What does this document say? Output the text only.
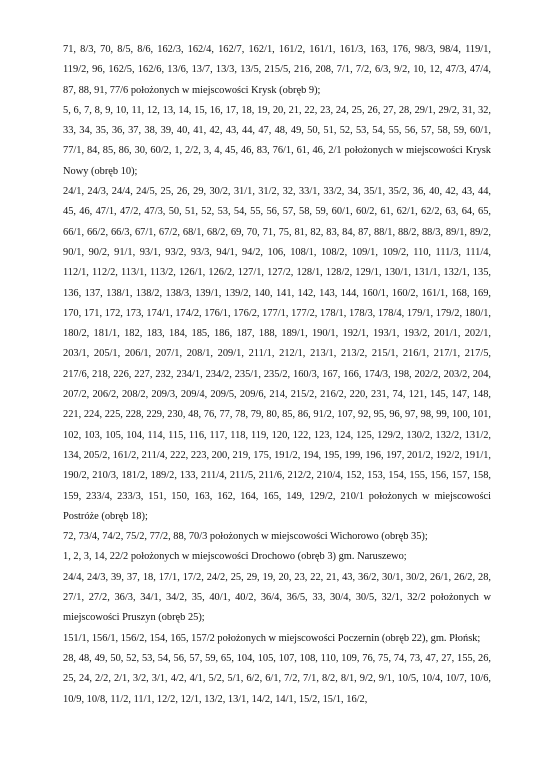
71, 8/3, 70, 8/5, 8/6, 162/3, 162/4, 162/7, 162/1, 161/2, 161/1, 161/3, 163, 176, 98/3, 98/4, 119/1, 119/2, 96, 162/5, 162/6, 13/6, 13/7, 13/3, 13/5, 215/5, 216, 208, 7/1, 7/2, 6/3, 9/2, 10, 12, 47/3, 47/4, 87, 88, 91, 77/6 położonych w miejscowości Krysk (obręb 9);

5, 6, 7, 8, 9, 10, 11, 12, 13, 14, 15, 16, 17, 18, 19, 20, 21, 22, 23, 24, 25, 26, 27, 28, 29/1, 29/2, 31, 32, 33, 34, 35, 36, 37, 38, 39, 40, 41, 42, 43, 44, 47, 48, 49, 50, 51, 52, 53, 54, 55, 56, 57, 58, 59, 60/1, 77/1, 84, 85, 86, 30, 60/2, 1, 2/2, 3, 4, 45, 46, 83, 76/1, 61, 46, 2/1 położonych w miejscowości Krysk Nowy (obręb 10);

24/1, 24/3, 24/4, 24/5, 25, 26, 29, 30/2, 31/1, 31/2, 32, 33/1, 33/2, 34, 35/1, 35/2, 36, 40, 42, 43, 44, 45, 46, 47/1, 47/2, 47/3, 50, 51, 52, 53, 54, 55, 56, 57, 58, 59, 60/1, 60/2, 61, 62/1, 62/2, 63, 64, 65, 66/1, 66/2, 66/3, 67/1, 67/2, 68/1, 68/2, 69, 70, 71, 75, 81, 82, 83, 84, 87, 88/1, 88/2, 88/3, 89/1, 89/2, 90/1, 90/2, 91/1, 93/1, 93/2, 93/3, 94/1, 94/2, 106, 108/1, 108/2, 109/1, 109/2, 110, 111/3, 111/4, 112/1, 112/2, 113/1, 113/2, 126/1, 126/2, 127/1, 127/2, 128/1, 128/2, 129/1, 130/1, 131/1, 132/1, 135, 136, 137, 138/1, 138/2, 138/3, 139/1, 139/2, 140, 141, 142, 143, 144, 160/1, 160/2, 161/1, 168, 169, 170, 171, 172, 173, 174/1, 174/2, 176/1, 176/2, 177/1, 177/2, 178/1, 178/3, 178/4, 179/1, 179/2, 180/1, 180/2, 181/1, 182, 183, 184, 185, 186, 187, 188, 189/1, 190/1, 192/1, 193/1, 193/2, 201/1, 202/1, 203/1, 205/1, 206/1, 207/1, 208/1, 209/1, 211/1, 212/1, 213/1, 213/2, 215/1, 216/1, 217/1, 217/5, 217/6, 218, 226, 227, 232, 234/1, 234/2, 235/1, 235/2, 160/3, 167, 166, 174/3, 198, 202/2, 203/2, 204, 207/2, 206/2, 208/2, 209/3, 209/4, 209/5, 209/6, 214, 215/2, 216/2, 220, 231, 74, 121, 145, 147, 148, 221, 224, 225, 228, 229, 230, 48, 76, 77, 78, 79, 80, 85, 86, 91/2, 107, 92, 95, 96, 97, 98, 99, 100, 101, 102, 103, 105, 104, 114, 115, 116, 117, 118, 119, 120, 122, 123, 124, 125, 129/2, 130/2, 132/2, 131/2, 134, 205/2, 161/2, 211/4, 222, 223, 200, 219, 175, 191/2, 194, 195, 199, 196, 197, 201/2, 192/2, 191/1, 190/2, 210/3, 181/2, 189/2, 133, 211/4, 211/5, 211/6, 212/2, 210/4, 152, 153, 154, 155, 156, 157, 158, 159, 233/4, 233/3, 151, 150, 163, 162, 164, 165, 149, 129/2, 210/1 położonych w miejscowości Postróże (obręb 18);

72, 73/4, 74/2, 75/2, 77/2, 88, 70/3 położonych w miejscowości Wichorowo (obręb 35);

1, 2, 3, 14, 22/2 położonych w miejscowości Drochowo (obręb 3) gm. Naruszewo;

24/4, 24/3, 39, 37, 18, 17/1, 17/2, 24/2, 25, 29, 19, 20, 23, 22, 21, 43, 36/2, 30/1, 30/2, 26/1, 26/2, 28, 27/1, 27/2, 36/3, 34/1, 34/2, 35, 40/1, 40/2, 36/4, 36/5, 33, 30/4, 30/5, 32/1, 32/2 położonych w miejscowości Pruszyn (obręb 25);

151/1, 156/1, 156/2, 154, 165, 157/2 położonych w miejscowości Poczernin (obręb 22), gm. Płońsk;

28, 48, 49, 50, 52, 53, 54, 56, 57, 59, 65, 104, 105, 107, 108, 110, 109, 76, 75, 74, 73, 47, 27, 155, 26, 25, 24, 2/2, 2/1, 3/2, 3/1, 4/2, 4/1, 5/2, 5/1, 6/2, 6/1, 7/2, 7/1, 8/2, 8/1, 9/2, 9/1, 10/5, 10/4, 10/7, 10/6, 10/9, 10/8, 11/2, 11/1, 12/2, 12/1, 13/2, 13/1, 14/2, 14/1, 15/2, 15/1, 16/2,
